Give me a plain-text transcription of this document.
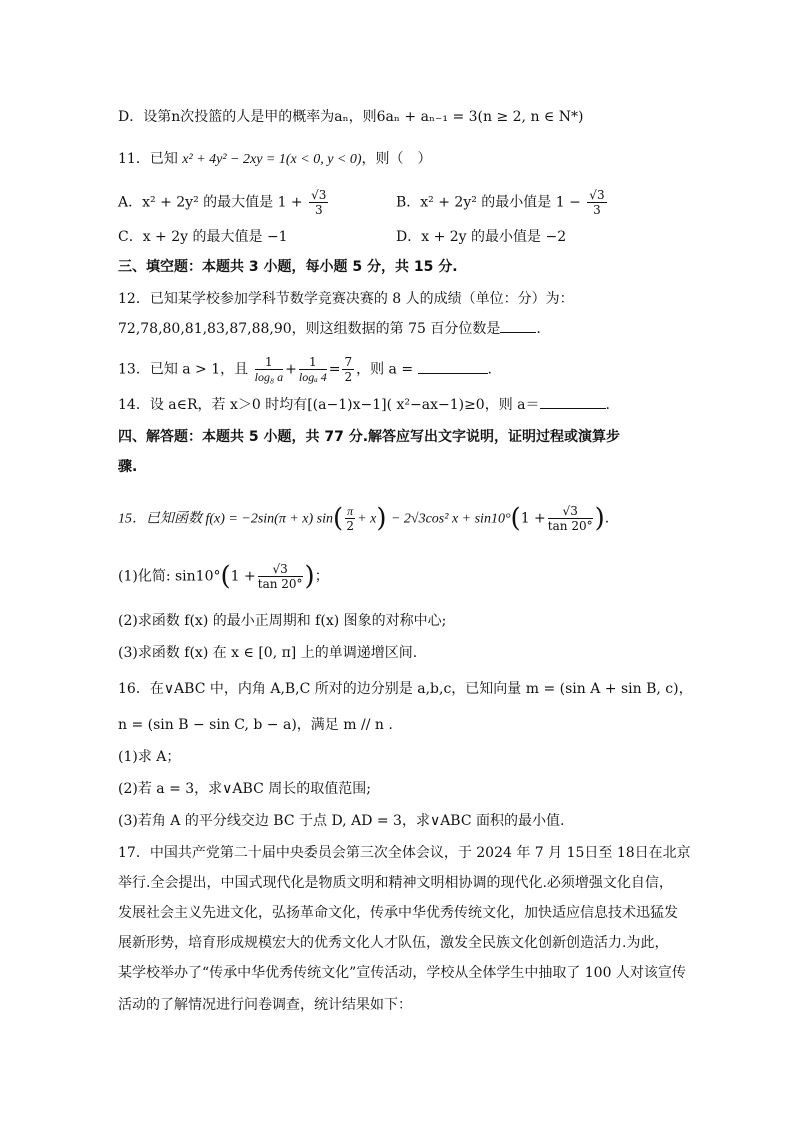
D．设第n次投篮的人是甲的概率为aₙ，则6aₙ + aₙ₋₁ = 3(n ≥ 2, n ∈ N*)
11．已知 x² + 4y² − 2xy = 1(x < 0, y < 0)，则（　）
A．x² + 2y² 的最大值是 $1 + \frac{√3}{3}$	B．x² + 2y² 的最小值是 $1 - \frac{√3}{3}$
C．x + 2y 的最大值是 −1	D．x + 2y 的最小值是 −2
三、填空题：本题共 3 小题，每小题 5 分，共 15 分.
12．已知某学校参加学科节数学竞赛决赛的 8 人的成绩（单位：分）为：
72,78,80,81,83,87,88,90，则这组数据的第 75 百分位数是	.
13．已知 a > 1，且 $\frac{1}{\text{log₈ a}} + \frac{1}{\text{logₐ 4}} = \frac{7}{2}$ ，则 a =	.
14．设 a∈R，若 x＞0 时均有[(a−1)x−1]( x²−ax−1)≥0，则 a＝	.
四、解答题：本题共 5 小题，共 77 分.解答应写出文字说明，证明过程或演算步
骤.
15．已知函数 f(x) = −2sin(π + x) $\sin( \frac{\pi}{2} + x) - 2√3\cos^2$ $x + \sin 10^\circ(1 + \frac{√3}{\tan 20^\circ}$ ).
(1)化简: $\sin 10^\circ(1 + \frac{√3}{\tan 20^\circ}$ )；
(2)求函数 f(x) 的最小正周期和 f(x) 图象的对称中心;
(3)求函数 f(x) 在 x ∈ [0, π] 上的单调递增区间.
16．在∨ABC 中，内角 A,B,C 所对的边分别是 a,b,c，已知向量 m = (sin A + sin B, c)，
n = (sin B − sin C, b − a)，满足 m // n .
(1)求 A；
(2)若 a = 3，求∨ABC 周长的取值范围;
(3)若角 A 的平分线交边 BC 于点 D, AD = 3，求∨ABC 面积的最小值.
17．中国共产党第二十届中央委员会第三次全体会议，于 2024 年 7 月 15日至 18日在北京
举行.全会提出，中国式现代化是物质文明和精神文明相协调的现代化.必须增强文化自信，
发展社会主义先进文化，弘扬革命文化，传承中华优秀传统文化，加快适应信息技术迅猛发
展新形势，培育形成规模宏大的优秀文化人才队伍，激发全民族文化创新创造活力.为此，
某学校举办了“传承中华优秀传统文化”宣传活动，学校从全体学生中抽取了 100 人对该宣传
活动的了解情况进行问卷调查，统计结果如下：
